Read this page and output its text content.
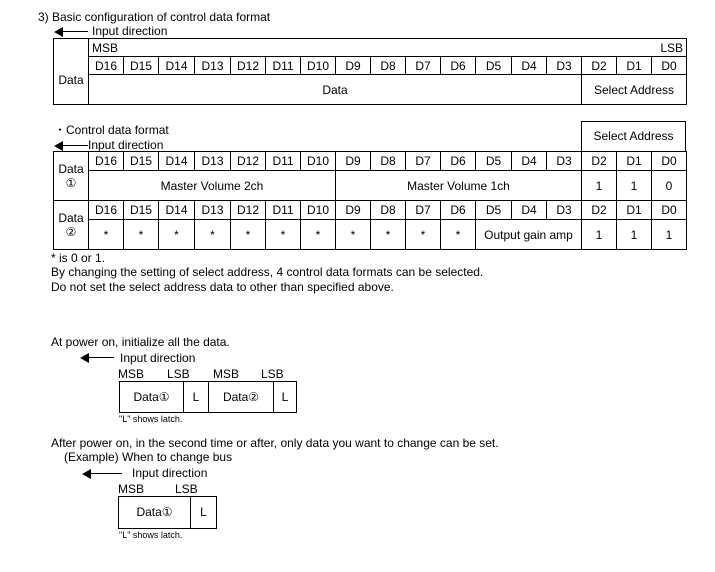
3) Basic configuration of control data format
Input direction
	MSB																LSB
Data	D16	D15	D14	D13	D12	D11	D10	D9	D8	D7	D6	D5	D4	D3	D2	D1	D0
	Data														Select Address		
・Control data format
Input direction
Select Address
Data
①	D16	D15	D14	D13	D12	D11	D10	D9	D8	D7	D6	D5	D4	D3	D2	D1	D0
	Master Volume 2ch							Master Volume 1ch							1	1	0
Data
②	D16	D15	D14	D13	D12	D11	D10	D9	D8	D7	D6	D5	D4	D3	D2	D1	D0
	*	*	*	*	*	*	*	*	*	*	*	Output gain amp			1	1	1
* is 0 or 1.
By changing the setting of select address, 4 control data formats can be selected.
Do not set the select address data to other than specified above.
At power on, initialize all the data.
Input direction
MSB LSB MSB LSB
Data①	L	Data②	L
"L" shows latch.
After power on, in the second time or after, only data you want to change can be set.
(Example) When to change bus
Input direction
MSB	LSB
Data①	L
"L" shows latch.
